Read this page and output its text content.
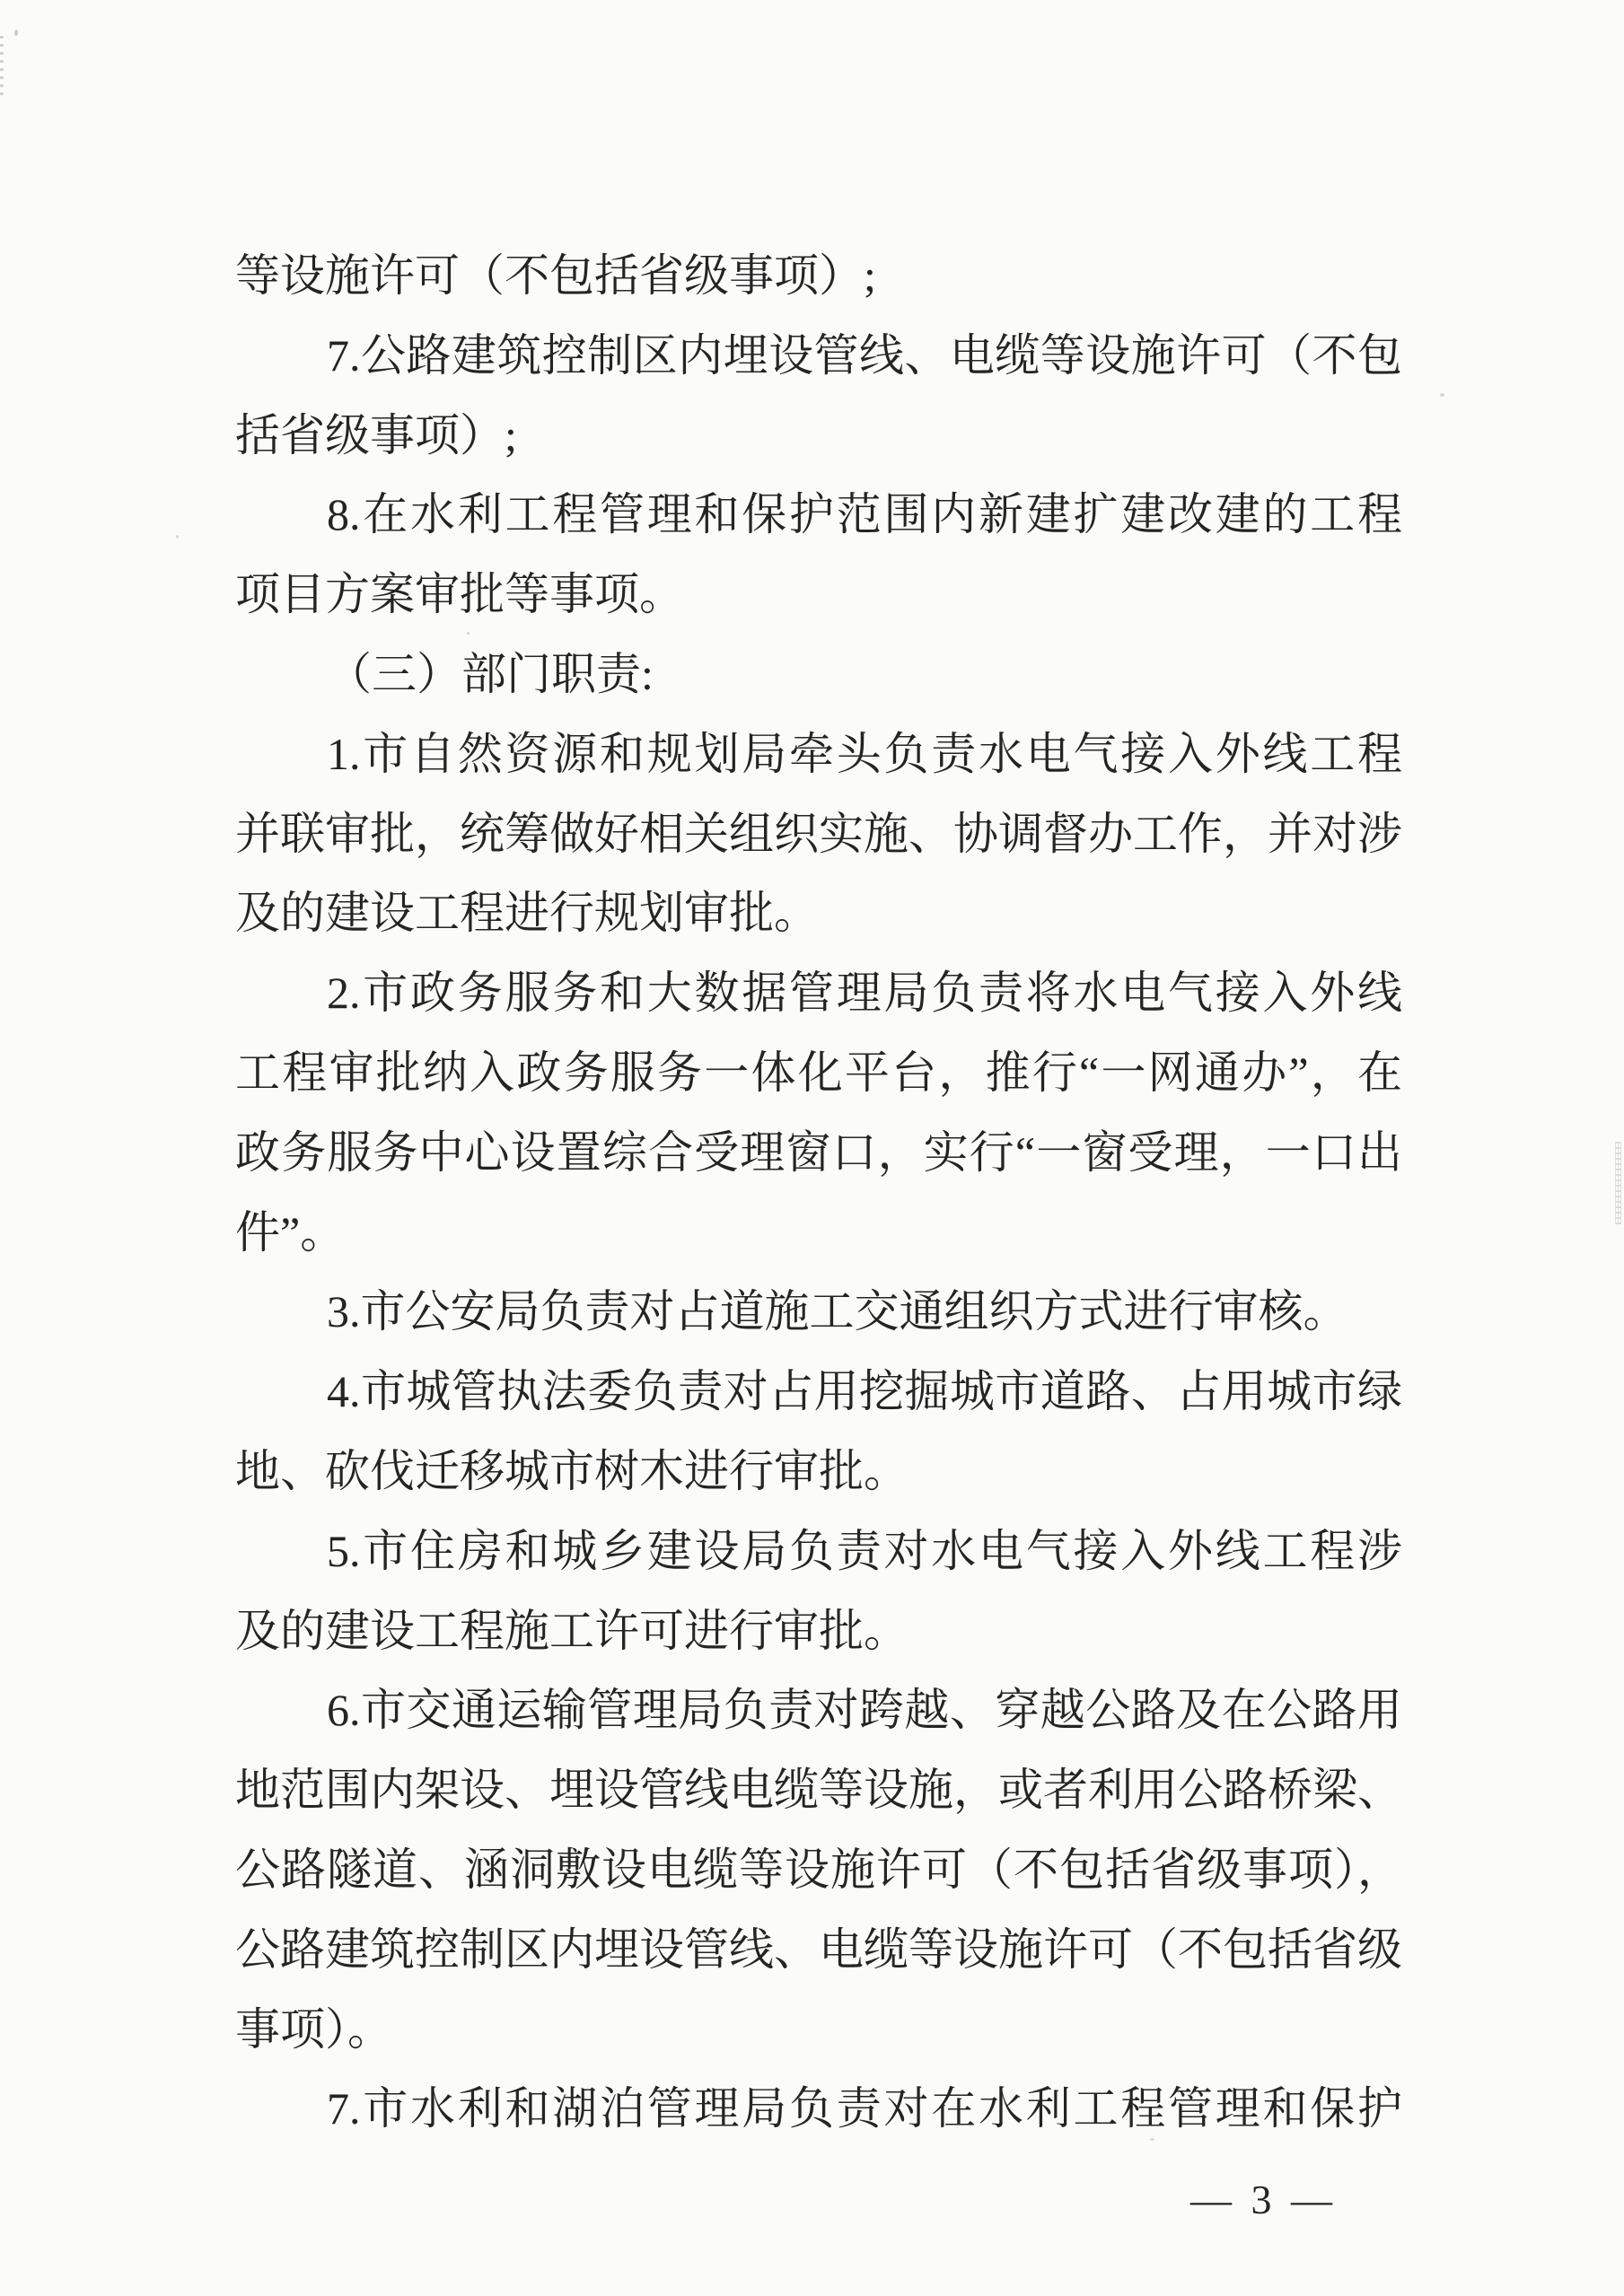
等设施许可（不包括省级事项）;
7.公路建筑控制区内埋设管线、电缆等设施许可（不包
括省级事项）;
8.在水利工程管理和保护范围内新建扩建改建的工程
项目方案审批等事项。
（三）部门职责:
1.市自然资源和规划局牵头负责水电气接入外线工程
并联审批，统筹做好相关组织实施、协调督办工作，并对涉
及的建设工程进行规划审批。
2.市政务服务和大数据管理局负责将水电气接入外线
工程审批纳入政务服务一体化平台，推行“一网通办”，在
政务服务中心设置综合受理窗口，实行“一窗受理，一口出
件”。
3.市公安局负责对占道施工交通组织方式进行审核。
4.市城管执法委负责对占用挖掘城市道路、占用城市绿
地、砍伐迁移城市树木进行审批。
5.市住房和城乡建设局负责对水电气接入外线工程涉
及的建设工程施工许可进行审批。
6.市交通运输管理局负责对跨越、穿越公路及在公路用
地范围内架设、埋设管线电缆等设施，或者利用公路桥梁、
公路隧道、涵洞敷设电缆等设施许可（不包括省级事项），
公路建筑控制区内埋设管线、电缆等设施许可（不包括省级
事项）。
7.市水利和湖泊管理局负责对在水利工程管理和保护
— 3 —
